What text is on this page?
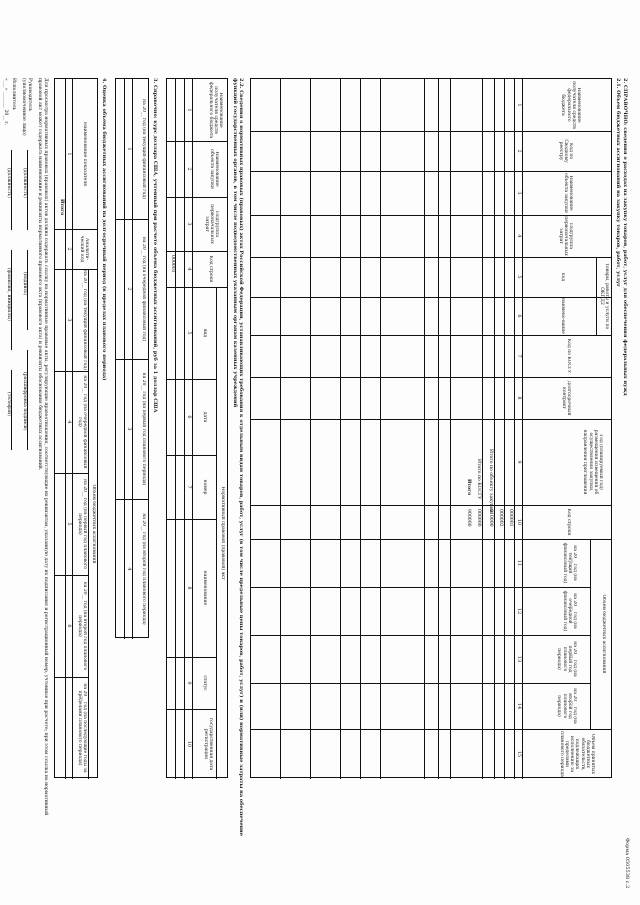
Форма 0505538 с.2
2. СПРАВОЧНО: сведения о расходах на закупку товаров, работ, услуг для обеспечения федеральных нужд
2.1. Объем бюджетных ассигнований на закупку товаров, работ, услуг
Наименование получателя средств федерального бюджета
Код по Сводному реестру
Наименование объекта закупки
Подгруппа первоначальных затрат
Товары, работы и услуги по ОКПД2
код
наимено-вание
Код по КОСГУ
Долгосрочный контракт
Год (планируемый год) размещения извещения об осуществлении закупки, направления приглашения
Код строки
Объем бюджетных ассигнований
на 20__ год (на текущий финансовый год)
на 20__ год (на очередной финансовый год)
на 20__ год (на первый год планового периода)
на 20__ год (на второй год планового периода)
Объем принятых бюджетных обязательств, подлежащих исполнению за пределами планового периода
1
2
3
4
5
6
7
8
9
10
11
12
13
14
15
000001
000002
Итого по объекту закупки
010000
Итого по КОСГУ
000000
Итого
900000
2.2. Сведения о нормативных правовых (правовых) актах Российской Федерации, устанавливающих требования к отдельным видам товаров, работ, услуг (в том числе предельные цены товаров, работ, услуг) и (или) нормативные затраты на обеспечение функций государственных органов, в том числе подведомственных указанным органам казенных учреждений
Наименование получателя средств федерального бюджета
Наименование объекта закупки
Подгруппа первоначальных затрат
Код строки
Нормативный правовой (правовой) акт
вид
дата
номер
наименование
статус
государственная дата регистрации
1
2
3
4
5
6
7
8
9
10
000001
3. Справочно: курс доллара США, учтенный при расчете объема бюджетных ассигнований, руб за 1 доллар США
на 20__ год (на текущий финансовый год)
на 20__ год (на очередной финансовый год)
на 20__ год (на первый год планового периода)
на 20__ год (на второй год планового периода)
1
2
3
4
4. Оценка объема бюджетных ассигнований на долгосрочный период (в пределах планового периода)
Наименование показателя
Аналити-ческий код
Объем бюджетных ассигнований
на 20__ год (на текущий финансовый год)
на 20__ год (на очередной финансовый год)
на 20__ год (на первый год планового периода)
на 20__ год (на второй год планового периода)
на 20__ год (на последующие годы за пределами планового периода)
1
2
3
4
5
6
Итого
Для просмотра нормативных правовых (правовых) актов должна содержать ссылку на нормативные правовые акты, регулирующие правоотношения, соответствующие их реквизитам, указанную дату их подписания и регистрационный номер, учтенные при расчете; при этом ссылка на нормативный правовой акт может содержать наименование и реквизиты нормативного правового акта (правового акта) и реквизиты обоснования бюджетных ассигнований.
Руководитель (уполномоченное лицо)
(должность)
(подпись)
(расшифровка подписи)
Исполнитель
(должность)
(фамилия, инициалы)
(телефон)
«___» _______ 20__ г.
